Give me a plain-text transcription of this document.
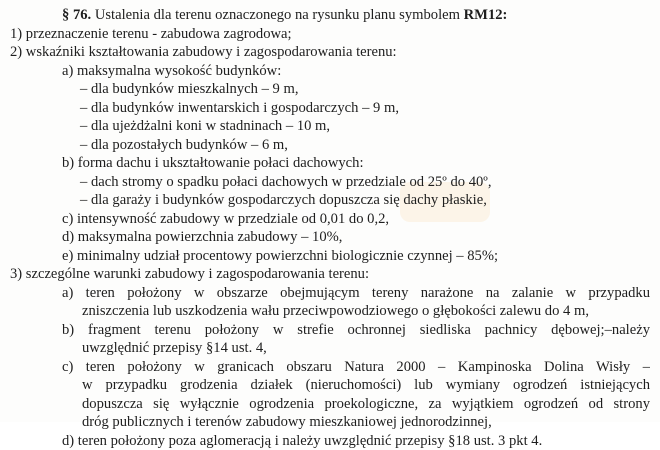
§ 76. Ustalenia dla terenu oznaczonego na rysunku planu symbolem RM12:
1) przeznaczenie terenu - zabudowa zagrodowa;
2) wskaźniki kształtowania zabudowy i zagospodarowania terenu:
a) maksymalna wysokość budynków:
– dla budynków mieszkalnych – 9 m,
– dla budynków inwentarskich i gospodarczych – 9 m,
– dla ujeżdżalni koni w stadninach – 10 m,
– dla pozostałych budynków – 6 m,
b) forma dachu i ukształtowanie połaci dachowych:
– dach stromy o spadku połaci dachowych w przedziale od 25º do 40º,
– dla garaży i budynków gospodarczych dopuszcza się dachy płaskie,
c) intensywność zabudowy w przedziale od 0,01 do 0,2,
d) maksymalna powierzchnia zabudowy – 10%,
e) minimalny udział procentowy powierzchni biologicznie czynnej – 85%;
3) szczególne warunki zabudowy i zagospodarowania terenu:
a) teren położony w obszarze obejmującym tereny narażone na zalanie w przypadku
zniszczenia lub uszkodzenia wału przeciwpowodziowego o głębokości zalewu do 4 m,
b) fragment terenu położony w strefie ochronnej siedliska pachnicy dębowej;–należy
uwzględnić przepisy §14 ust. 4,
c) teren położony w granicach obszaru Natura 2000 – Kampinoska Dolina Wisły –
w przypadku grodzenia działek (nieruchomości) lub wymiany ogrodzeń istniejących
dopuszcza się wyłącznie ogrodzenia proekologiczne, za wyjątkiem ogrodzeń od strony
dróg publicznych i terenów zabudowy mieszkaniowej jednorodzinnej,
d) teren położony poza aglomeracją i należy uwzględnić przepisy §18 ust. 3 pkt 4.
